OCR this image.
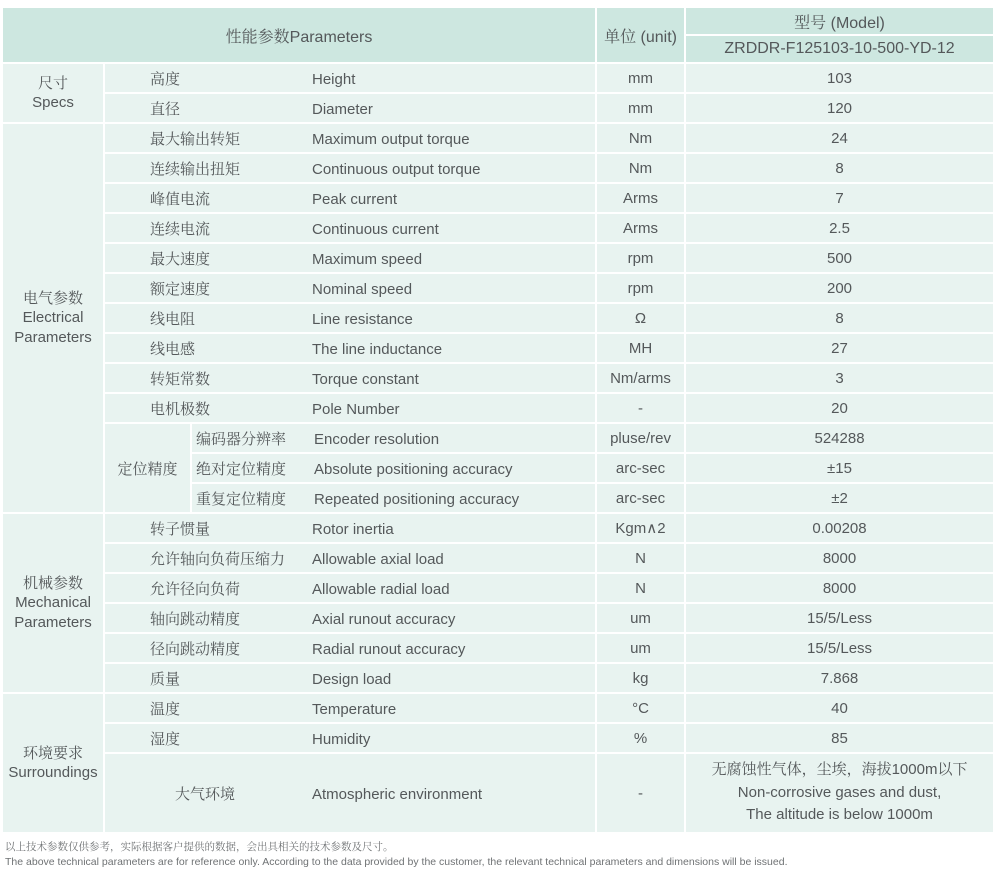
性能参数Parameters			单位 (unit)	型号 (Model)
				ZRDDR-F125103-10-500-YD-12

尺寸
Specs	高度 Height		mm	103
	直径 Diameter		mm	120

电气参数
Electrical Parameters	最大输出转矩 Maximum output torque		Nm	24
	连续输出扭矩 Continuous output torque		Nm	8
	峰值电流 Peak current		Arms	7
	连续电流 Continuous current		Arms	2.5
	最大速度 Maximum speed		rpm	500
	额定速度 Nominal speed		rpm	200
	线电阻 Line resistance		Ω	8
	线电感 The line inductance		MH	27
	转矩常数 Torque constant		Nm/arms	3
	电机极数 Pole Number		-	20
	定位精度	编码器分辨率 Encoder resolution	pluse/rev	524288
		绝对定位精度 Absolute positioning accuracy	arc-sec	±15
		重复定位精度 Repeated positioning accuracy	arc-sec	±2

机械参数
Mechanical Parameters	转子惯量 Rotor inertia		Kgm∧2	0.00208
	允许轴向负荷压缩力 Allowable axial load		N	8000
	允许径向负荷 Allowable radial load		N	8000
	轴向跳动精度 Axial runout accuracy		um	15/5/Less
	径向跳动精度 Radial runout accuracy		um	15/5/Less
	质量 Design load		kg	7.868

环境要求
Surroundings	温度 Temperature		°C	40
	湿度 Humidity		%	85
	大气环境 Atmospheric environment		-	无腐蚀性气体，尘埃，海拔1000m以下
Non-corrosive gases and dust,
The altitude is below 1000m
以上技术参数仅供参考，实际根据客户提供的数据，会出具相关的技术参数及尺寸。
The above technical parameters are for reference only. According to the data provided by the customer, the relevant technical parameters and dimensions will be issued.
